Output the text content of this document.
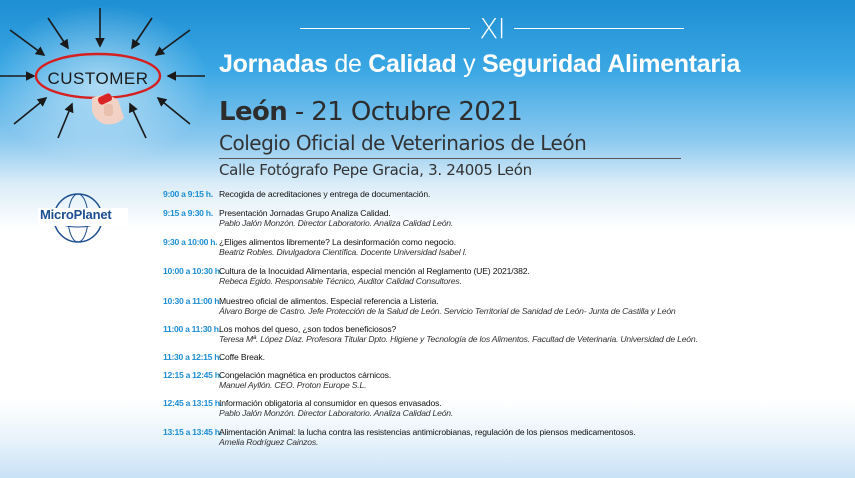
CUSTOMER
XI
Jornadas de Calidad y Seguridad Alimentaria
León - 21 Octubre 2021
Colegio Oficial de Veterinarios de León
Calle Fotógrafo Pepe Gracia, 3. 24005 León
MicroPlanet
9:00 a 9:15 h. Recogida de acreditaciones y entrega de documentación.
9:15 a 9:30 h. Presentación Jornadas Grupo Analiza Calidad.
Pablo Jalón Monzón. Director Laboratorio. Analiza Calidad León.
9:30 a 10:00 h. ¿Eliges alimentos libremente? La desinformación como negocio.
Beatriz Robles. Divulgadora Científica. Docente Universidad Isabel I.
10:00 a 10:30 h.
Cultura de la Inocuidad Alimentaria, especial mención al Reglamento (UE) 2021/382.
Rebeca Egido. Responsable Técnico, Auditor Calidad Consultores.
10:30 a 11:00 h.
Muestreo oficial de alimentos. Especial referencia a Listeria.
Álvaro Borge de Castro. Jefe Protección de la Salud de León. Servicio Territorial de Sanidad de León- Junta de Castilla y León
11:00 a 11:30 h.
Los mohos del queso, ¿son todos beneficiosos?
Teresa Mª. López Díaz. Profesora Titular Dpto. Higiene y Tecnología de los Alimentos. Facultad de Veterinaria. Universidad de León.
11:30 a 12:15 h.
Coffe Break.
12:15 a 12:45 h.
Congelación magnética en productos cárnicos.
Manuel Ayllón. CEO. Proton Europe S.L.
12:45 a 13:15 h.
Información obligatoria al consumidor en quesos envasados.
Pablo Jalón Monzón. Director Laboratorio. Analiza Calidad León.
13:15 a 13:45 h.
Alimentación Animal: la lucha contra las resistencias antimicrobianas, regulación de los piensos medicamentosos.
Amelia Rodríguez Cainzos.
